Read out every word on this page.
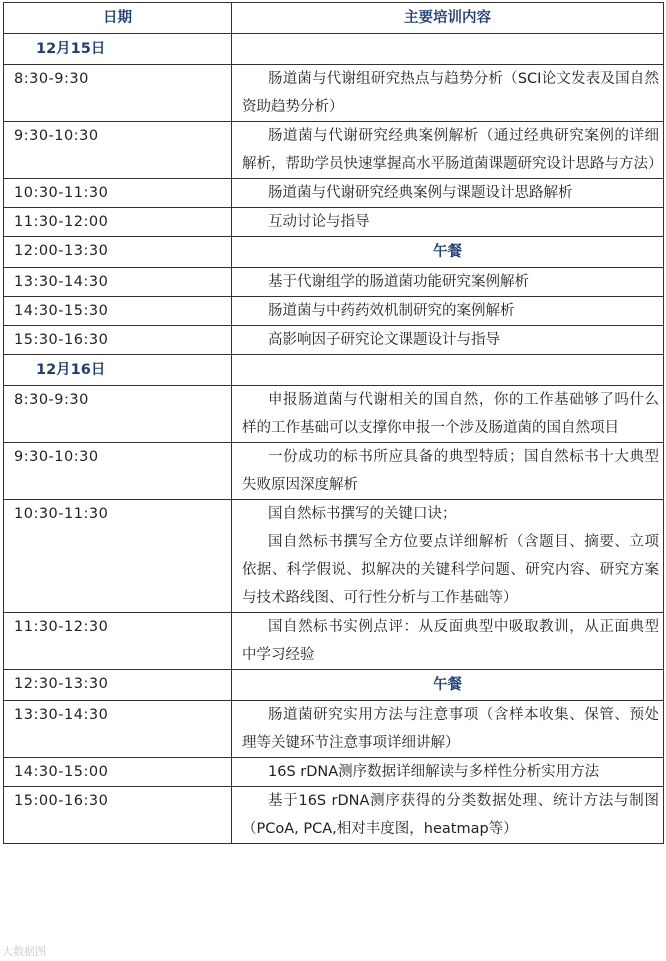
日期	主要培训内容
12月15日	
8:30-9:30	肠道菌与代谢组研究热点与趋势分析（SCI论文发表及国自然资助趋势分析）

9:30-10:30	肠道菌与代谢研究经典案例解析（通过经典研究案例的详细解析，帮助学员快速掌握高水平肠道菌课题研究设计思路与方法）

10:30-11:30	肠道菌与代谢研究经典案例与课题设计思路解析

11:30-12:00	互动讨论与指导

12:00-13:30	午餐
13:30-14:30	基于代谢组学的肠道菌功能研究案例解析

14:30-15:30	肠道菌与中药药效机制研究的案例解析

15:30-16:30	高影响因子研究论文课题设计与指导

12月16日	
8:30-9:30	申报肠道菌与代谢相关的国自然，你的工作基础够了吗什么样的工作基础可以支撑你申报一个涉及肠道菌的国自然项目

9:30-10:30	一份成功的标书所应具备的典型特质；国自然标书十大典型失败原因深度解析

10:30-11:30	国自然标书撰写的关键口诀；

国自然标书撰写全方位要点详细解析（含题目、摘要、立项依据、科学假说、拟解决的关键科学问题、研究内容、研究方案与技术路线图、可行性分析与工作基础等）

11:30-12:30	国自然标书实例点评：从反面典型中吸取教训，从正面典型中学习经验

12:30-13:30	午餐
13:30-14:30	肠道菌研究实用方法与注意事项（含样本收集、保管、预处理等关键环节注意事项详细讲解）

14:30-15:00	16S rDNA测序数据详细解读与多样性分析实用方法

15:00-16:30	基于16S rDNA测序获得的分类数据处理、统计方法与制图（PCoA, PCA,相对丰度图，heatmap等）

大数据图
